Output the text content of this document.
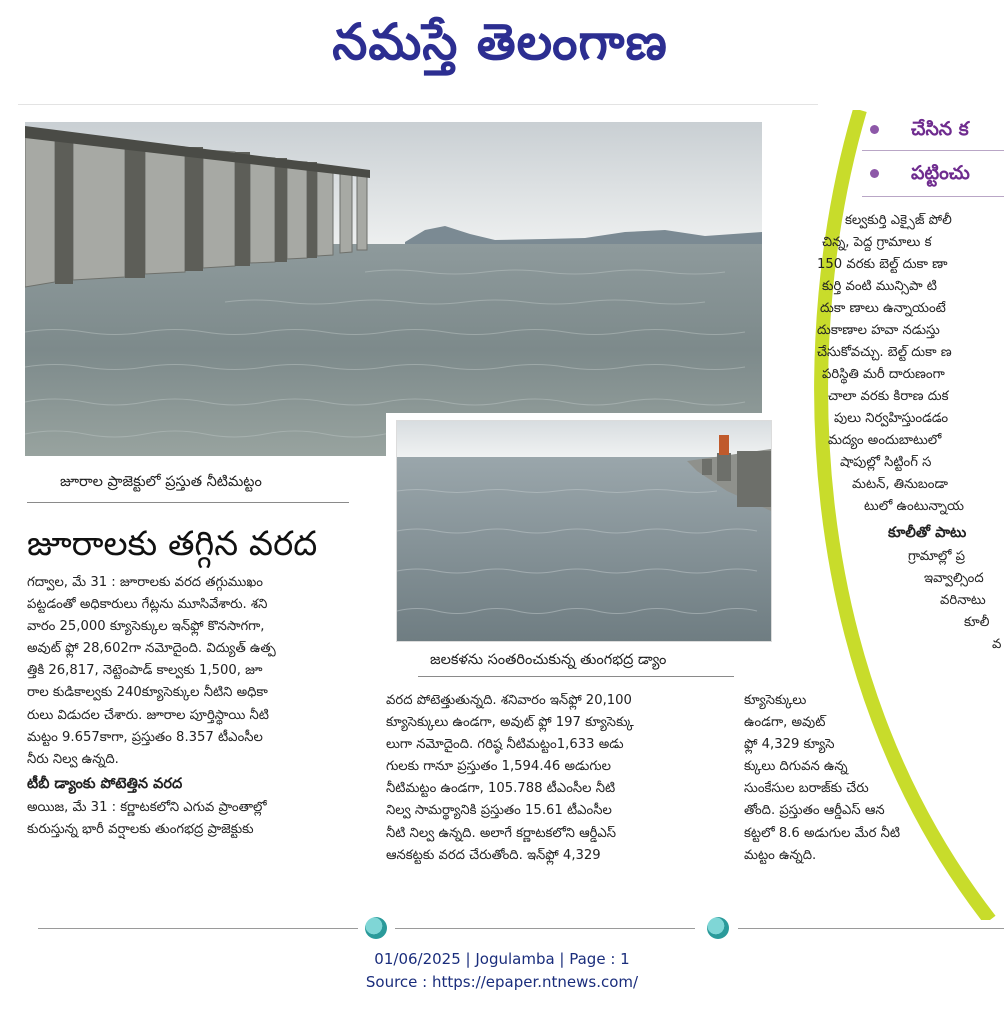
నమస్తే తెలంగాణ
జూరాల ప్రాజెక్టులో ప్రస్తుత నీటిమట్టం
జలకళను సంతరించుకున్న తుంగభద్ర డ్యాం
జూరాలకు తగ్గిన వరద

గద్వాల, మే 31 : జూరాలకు వరద తగ్గుముఖం

పట్టడంతో అధికారులు గేట్లను మూసివేశారు. శని

వారం 25,000 క్యూసెక్కుల ఇన్‌ఫ్లో కొనసాగగా,

అవుట్ ఫ్లో 28,602గా నమోదైంది. విద్యుత్ ఉత్ప

త్తికి 26,817, నెట్టెంపాడ్ కాల్వకు 1,500, జూ

రాల కుడికాల్వకు 240క్యూసెక్కుల నీటిని అధికా

రులు విడుదల చేశారు. జూరాల పూర్తిస్థాయి నీటి

మట్టం 9.657కాగా, ప్రస్తుతం 8.357 టీఎంసీల

నీరు నిల్వ ఉన్నది.

టీబీ డ్యాంకు పోటెత్తిన వరద

అయిజ, మే 31 : కర్ణాటకలోని ఎగువ ప్రాంతాల్లో

కురుస్తున్న భారీ వర్షాలకు తుంగభద్ర ప్రాజెక్టుకు

వరద పోటెత్తుతున్నది. శనివారం ఇన్‌ఫ్లో 20,100

క్యూసెక్కులు ఉండగా, అవుట్ ఫ్లో 197 క్యూసెక్కు

లుగా నమోదైంది. గరిష్ఠ నీటిమట్టం1,633 అడు

గులకు గానూ ప్రస్తుతం 1,594.46 అడుగుల

నీటిమట్టం ఉండగా, 105.788 టీఎంసీల నీటి

నిల్వ సామర్థ్యానికి ప్రస్తుతం 15.61 టీఎంసీల

నీటి నిల్వ ఉన్నది. అలాగే కర్ణాటకలోని ఆర్డీఎస్

ఆనకట్టకు వరద చేరుతోంది. ఇన్‌ఫ్లో 4,329

క్యూసెక్కులు

ఉండగా, అవుట్

ఫ్లో 4,329 క్యూసె

క్కులు దిగువన ఉన్న

సుంకేసుల బరాజ్‌కు చేరు

తోంది. ప్రస్తుతం ఆర్డీఎస్ ఆన

కట్టలో 8.6 అడుగుల మేర నీటి

మట్టం ఉన్నది.

చేసిన క
పట్టించు
కల్వకుర్తి ఎక్సైజ్ పోలీ
చిన్న, పెద్ద గ్రామాలు క
150 వరకు బెల్ట్ దుకా ణా
కుర్తి వంటి మున్సిపా టి
దుకా ణాలు ఉన్నాయంటే
దుకాణాల హవా నడుస్తు
చేసుకోవచ్చు. బెల్ట్ దుకా ణ
పరిస్థితి మరీ దారుణంగా
చాలా వరకు కిరాణ దుక
పులు నిర్వహిస్తుండడం
మద్యం అందుబాటులో
షాపుల్లో సిట్టింగ్ స
మటన్, తినుబండా
టులో ఉంటున్నాయ
కూలీతో పాటు
గ్రామాల్లో ప్ర
ఇవ్వాల్సింద
వరినాటు
కూలీ
వ
01/06/2025 | Jogulamba | Page : 1
Source : https://epaper.ntnews.com/
